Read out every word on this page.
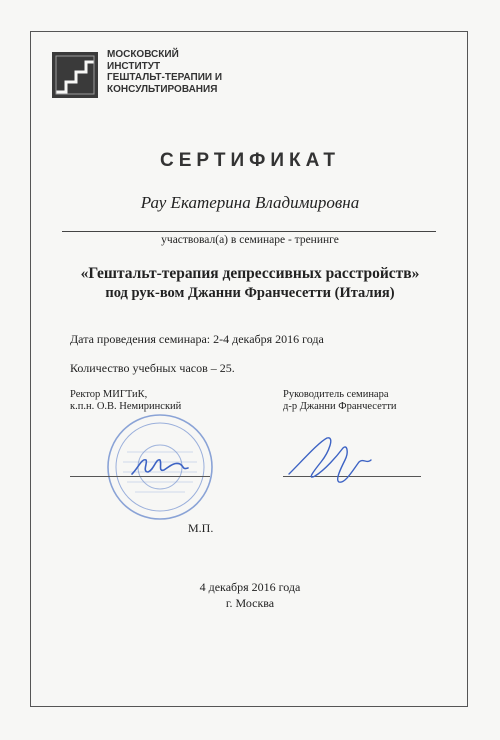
МОСКОВСКИЙ
ИНСТИТУТ
ГЕШТАЛЬТ-ТЕРАПИИ И
КОНСУЛЬТИРОВАНИЯ
СЕРТИФИКАТ
Рау Екатерина Владимировна
участвовал(а) в семинаре - тренинге
«Гештальт-терапия депрессивных расстройств»
под рук-вом Джанни Франчесетти (Италия)
Дата проведения семинара: 2-4 декабря 2016 года
Количество учебных часов – 25.
Ректор МИГТиК,
к.п.н. О.В. Немиринский
Руководитель семинара
д-р Джанни Франчесетти
М.П.
4 декабря 2016 года
г. Москва
